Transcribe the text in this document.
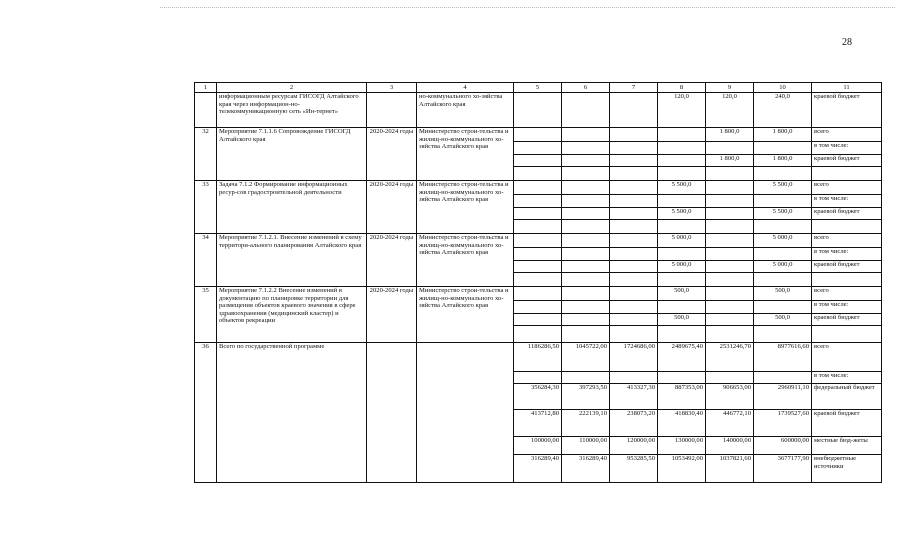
28
1	2	3	4	5	6	7	8	9	10	11
	информационным ресурсам ГИСОГД Алтайского края через информацион-но-телекоммуникационную сеть «Ин-тернет»		но-коммунального хо-зяйства Алтайского края				120,0	120,0	240,0	краевой бюджет
32	Мероприятие 7.1.1.6 Сопровождение ГИСОГД Алтайского края	2020-2024 годы	Министерство строи-тельства и жилищ-но-коммунального хо-зяйства Алтайского края					1 800,0	1 800,0	всего
										в том числе:
								1 800,0	1 800,0	краевой бюджет

33	Задача 7.1.2 Формирование информационных ресур-сов градостроительной деятельности	2020-2024 годы	Министерство строи-тельства и жилищ-но-коммунального хо-зяйства Алтайского края				5 500,0		5 500,0	всего
										в том числе:
							5 500,0		5 500,0	краевой бюджет

34	Мероприятие 7.1.2.1. Внесение изменений в схему территори-ального планирования Алтайского края	2020-2024 годы	Министерство строи-тельства и жилищ-но-коммунального хо-зяйства Алтайского края				5 000,0		5 000,0	всего
										в том числе:
							5 000,0		5 000,0	краевой бюджет

35	Мероприятие 7.1.2.2 Внесение изменений в документацию по планировке территории для размещения объектов краевого значения в сфере здравоохранения (медицинский кластер) и объектов рекреации	2020-2024 годы	Министерство строи-тельства и жилищ-но-коммунального хо-зяйства Алтайского края				500,0		500,0	всего
										в том числе:
							500,0		500,0	краевой бюджет

36	Всего по государственной программе			1186286,50	1045722,00	1724686,00	2489675,40	2531246,70	8977616,60	всего
										в том числе:
				356284,30	397293,50	413327,30	887353,00	906653,00	2960911,10	федеральный бюджет
				413712,80	222139,10	238073,20	418830,40	446772,10	1739527,60	краевой бюджет
				100000,00	110000,00	120000,00	130000,00	140000,00	600000,00	местные бюд-жеты
				316289,40	316289,40	953285,50	1053492,00	1037821,60	3677177,90	внебюджетные источники
